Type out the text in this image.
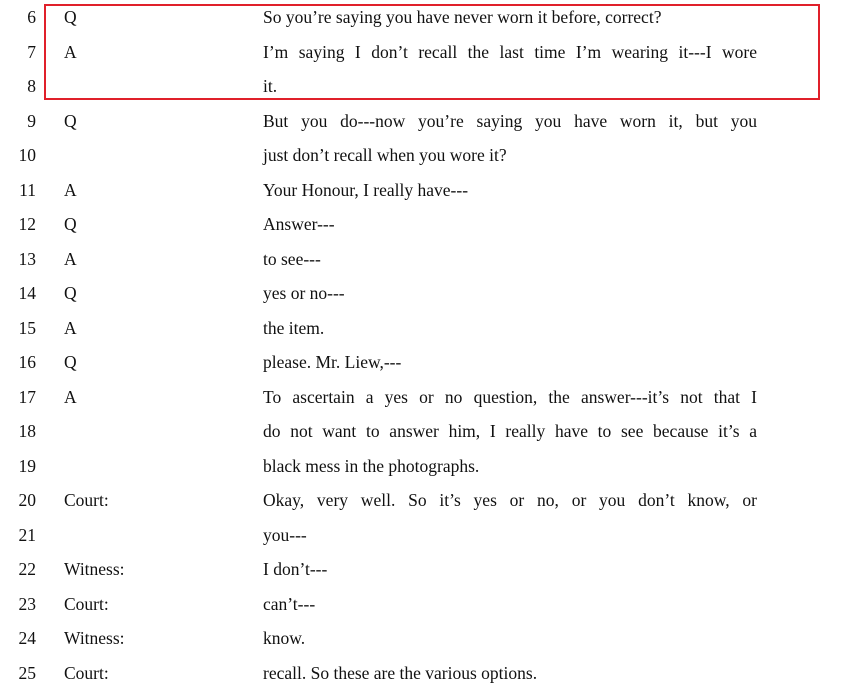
6 Q	So you’re saying you have never worn it before, correct?
7 A	I’m saying I don’t recall the last time I’m wearing it---I wore
8	it.
9 Q	But you do---now you’re saying you have worn it, but you
10	just don’t recall when you wore it?
11 A	Your Honour, I really have---
12 Q	Answer---
13 A	to see---
14 Q	yes or no---
15 A	the item.
16 Q	please. Mr. Liew,---
17 A	To ascertain a yes or no question, the answer---it’s not that I
18	do not want to answer him, I really have to see because it’s a
19	black mess in the photographs.
20 Court:	Okay, very well. So it’s yes or no, or you don’t know, or
21	you---
22 Witness:	I don’t---
23 Court:	can’t---
24 Witness:	know.
25 Court:	recall. So these are the various options.
